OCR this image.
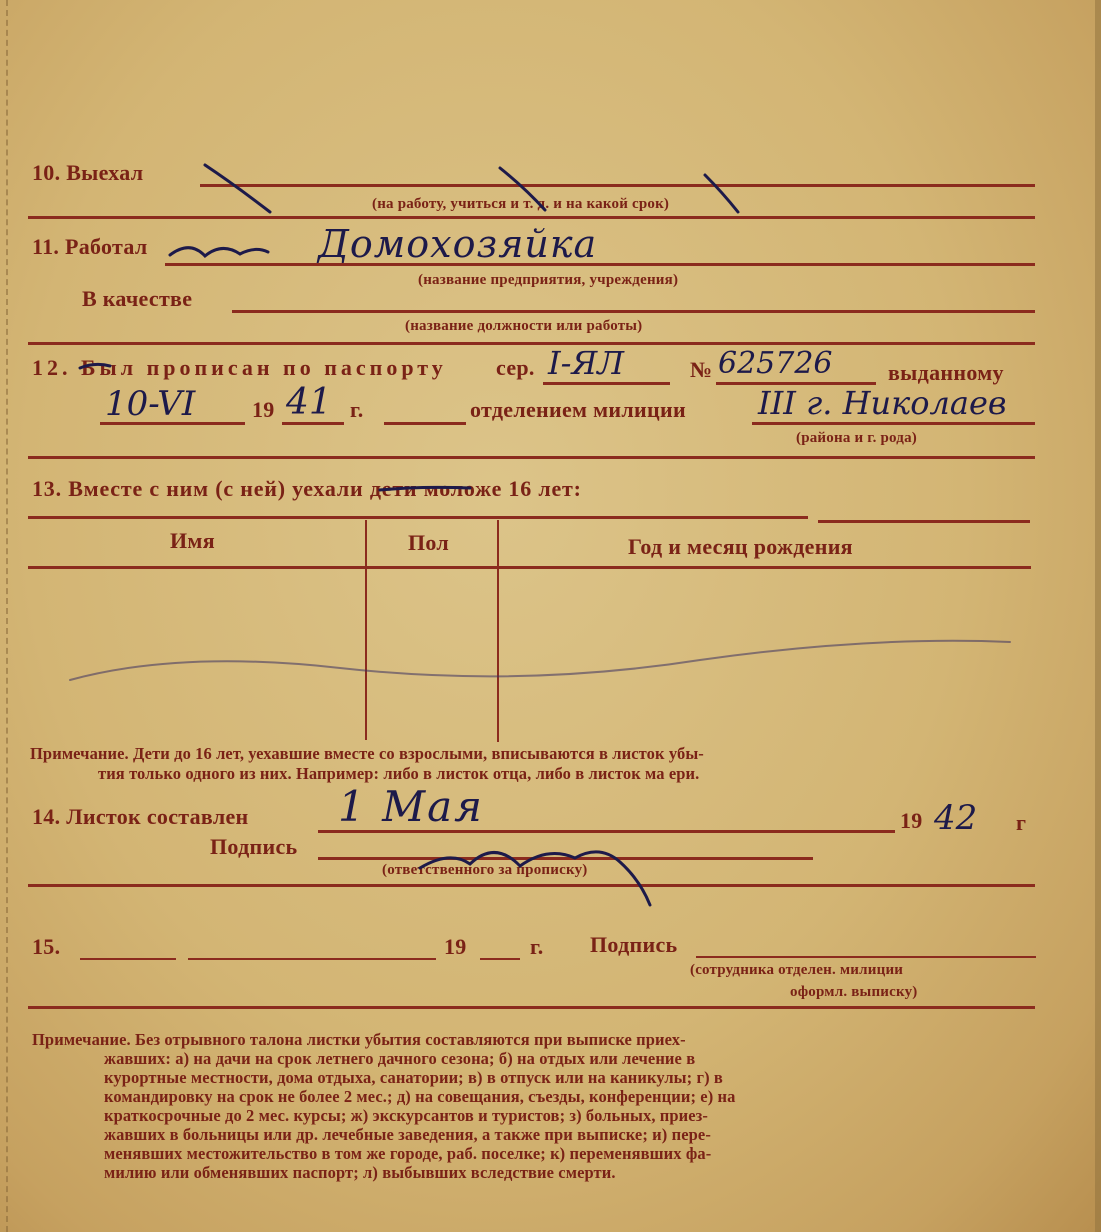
10. Выехал
(на работу, учиться и т. д. и на какой срок)
11. Работал	Домохозяйка
(название предприятия, учреждения)
В качестве
(название должности или работы)
12. Был прописан по паспорту сер. I-ЯЛ	№ 625726	выданному
10-VI	19 41 г.	отделением милиции III г. Николаев
(района и г. рода)
13. Вместе с ним (с ней) уехали дети моложе 16 лет:
Имя	Пол	Год и месяц рождения
Примечание. Дети до 16 лет, уехавшие вместе со взрослыми, вписываются в листок убы-
тия только одного из них. Например: либо в листок отца, либо в листок ма ери.
14. Листок составлен 1 Мая	19 42 г
Подпись
(ответственного за прописку)
15.	19	г. Подпись
(сотрудника отделен. милиции
оформл. выписку)
Примечание. Без отрывного талона листки убытия составляются при выписке приех-
жавших: а) на дачи на срок летнего дачного сезона; б) на отдых или лечение в
курортные местности, дома отдыха, санатории; в) в отпуск или на каникулы; г) в
командировку на срок не более 2 мес.; д) на совещания, съезды, конференции; е) на
краткосрочные до 2 мес. курсы; ж) экскурсантов и туристов; з) больных, приез-
жавших в больницы или др. лечебные заведения, а также при выписке; и) пере-
менявших местожительство в том же городе, раб. поселке; к) переменявших фа-
милию или обменявших паспорт; л) выбывших вследствие смерти.
